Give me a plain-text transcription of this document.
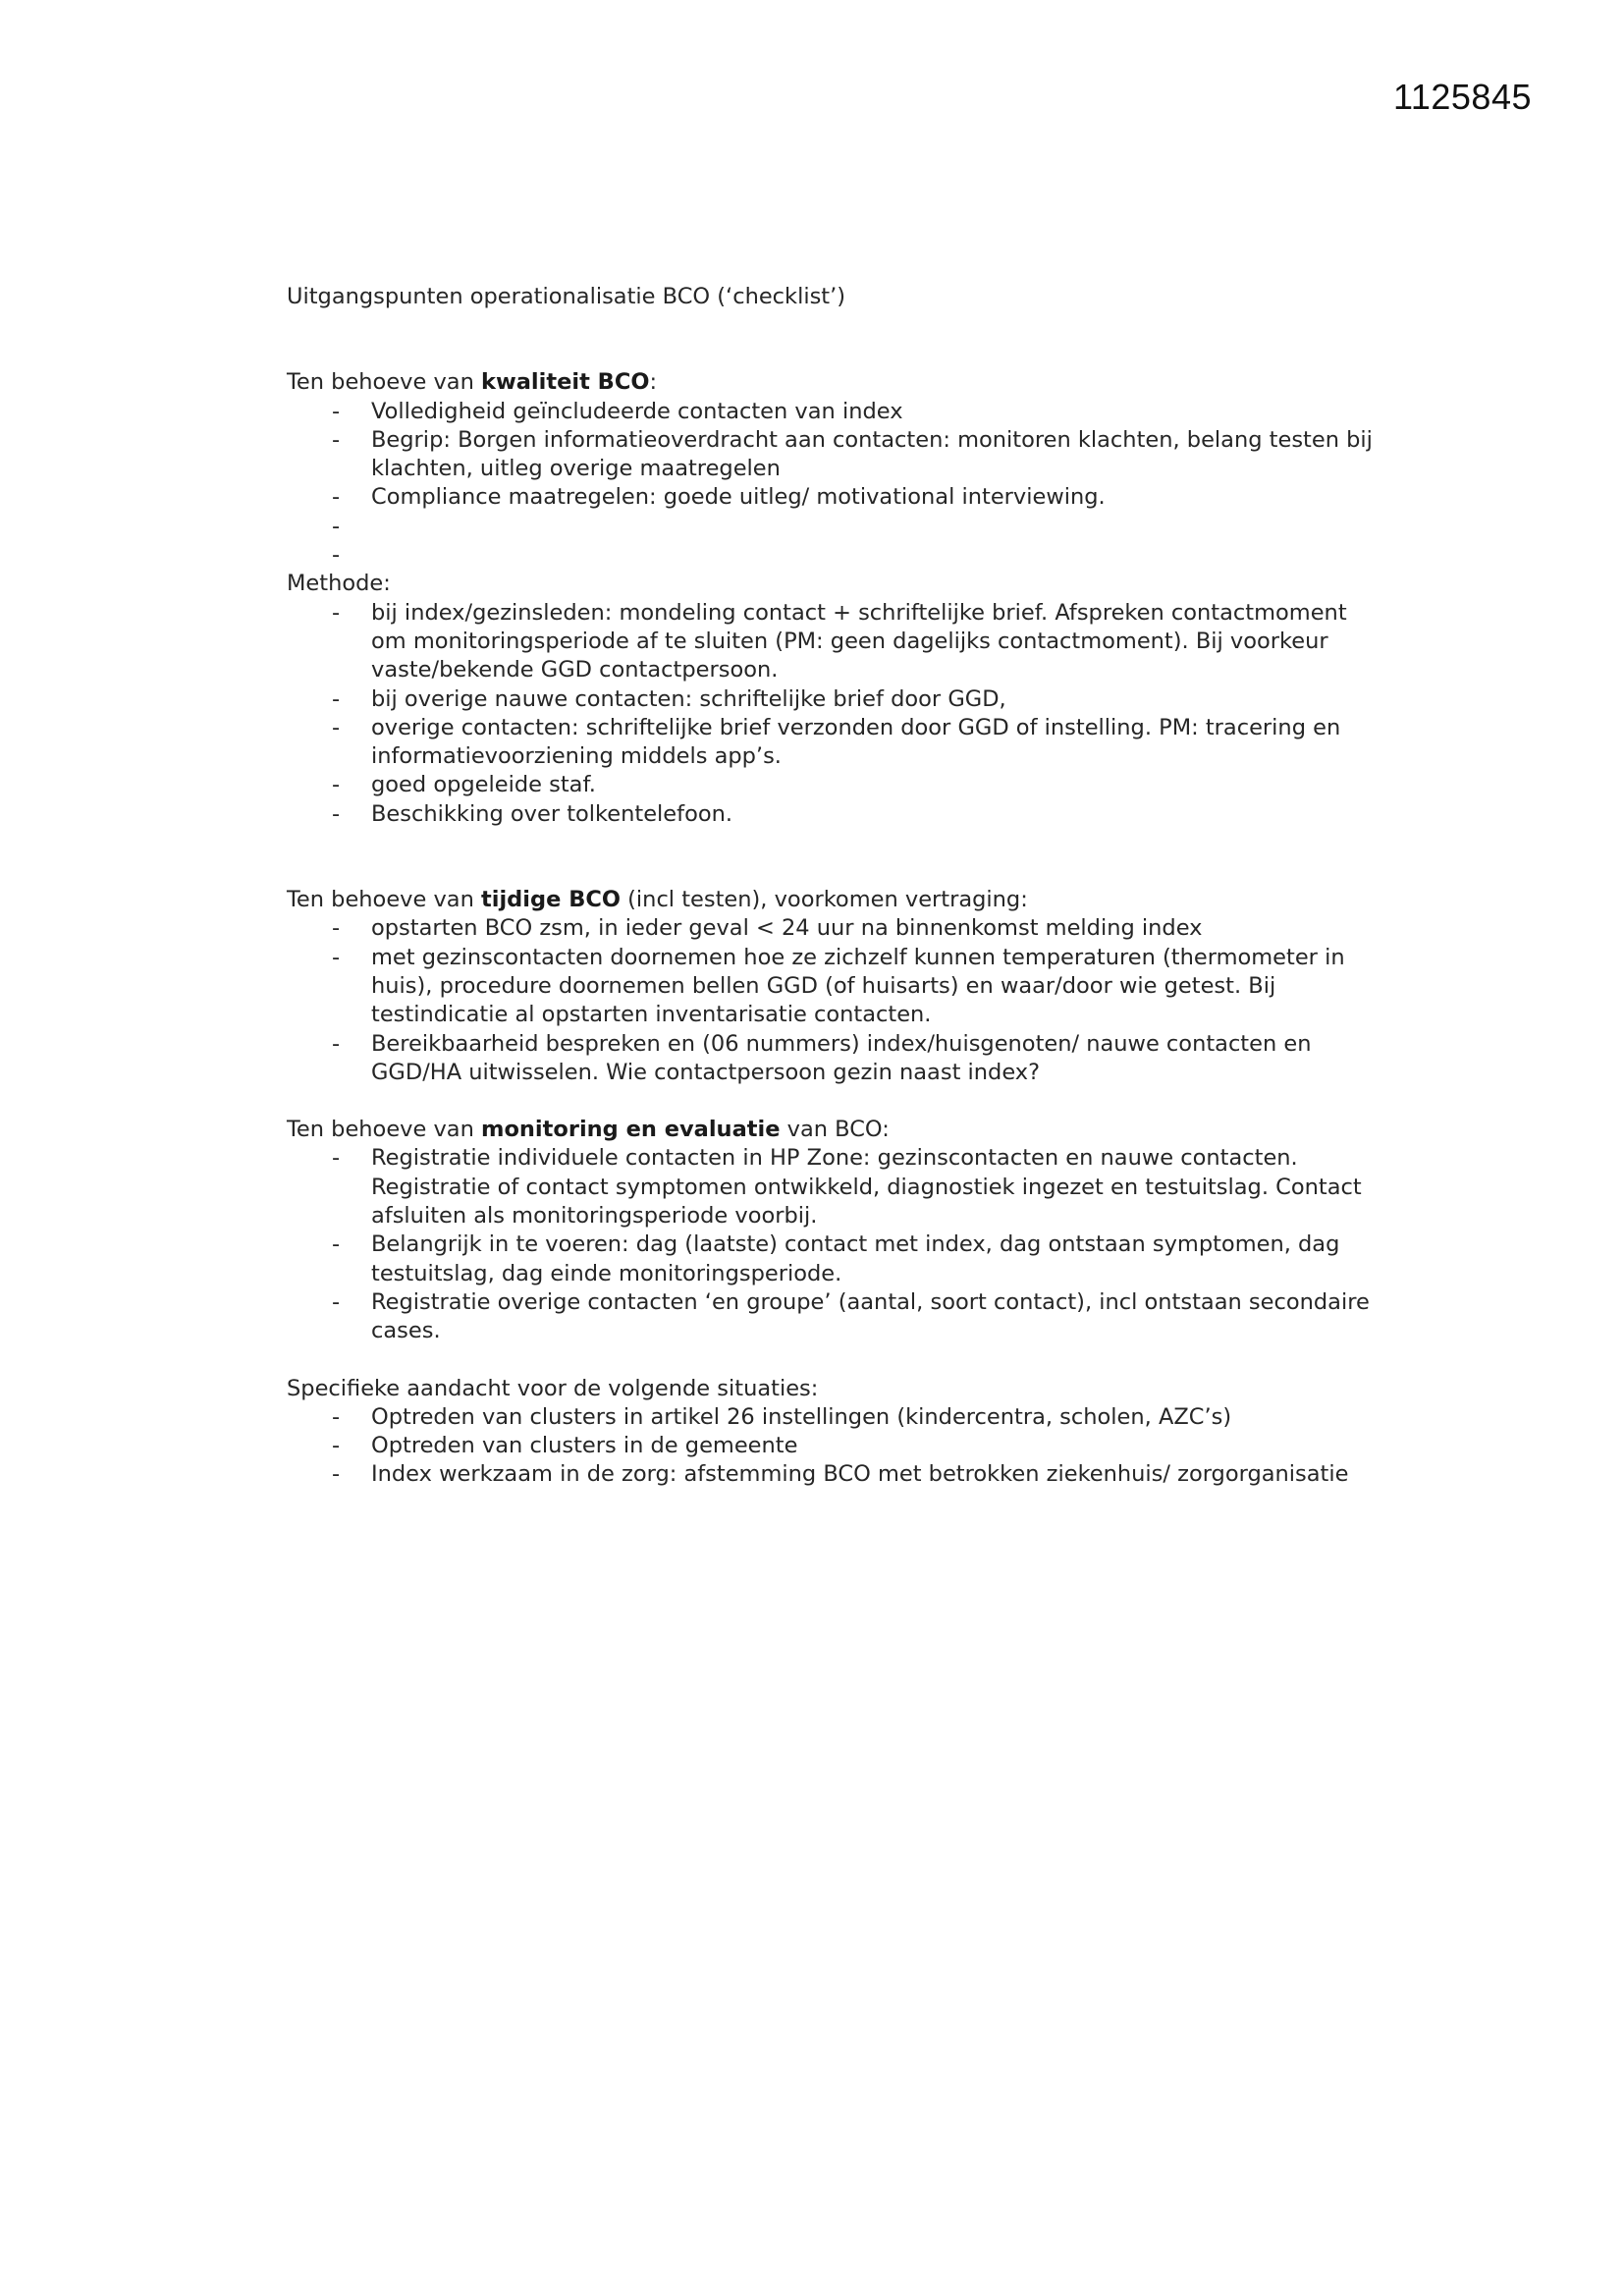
1125845

Uitgangspunten operationalisatie BCO (‘checklist’)

Ten behoeve van kwaliteit BCO:

- Volledigheid geïncludeerde contacten van index
- Begrip: Borgen informatieoverdracht aan contacten: monitoren klachten, belang testen bij klachten, uitleg overige maatregelen
- Compliance maatregelen: goede uitleg/ motivational interviewing.
-
-

Methode:

- bij index/gezinsleden: mondeling contact + schriftelijke brief. Afspreken contactmoment om monitoringsperiode af te sluiten (PM: geen dagelijks contactmoment). Bij voorkeur vaste/bekende GGD contactpersoon.
- bij overige nauwe contacten: schriftelijke brief door GGD,
- overige contacten: schriftelijke brief verzonden door GGD of instelling. PM: tracering en informatievoorziening middels app’s.
- goed opgeleide staf.
- Beschikking over tolkentelefoon.

Ten behoeve van tijdige BCO (incl testen), voorkomen vertraging:

- opstarten BCO zsm, in ieder geval < 24 uur na binnenkomst melding index
- met gezinscontacten doornemen hoe ze zichzelf kunnen temperaturen (thermometer in huis), procedure doornemen bellen GGD (of huisarts) en waar/door wie getest. Bij testindicatie al opstarten inventarisatie contacten.
- Bereikbaarheid bespreken en (06 nummers) index/huisgenoten/ nauwe contacten en GGD/HA uitwisselen. Wie contactpersoon gezin naast index?

Ten behoeve van monitoring en evaluatie van BCO:

- Registratie individuele contacten in HP Zone: gezinscontacten en nauwe contacten. Registratie of contact symptomen ontwikkeld, diagnostiek ingezet en testuitslag. Contact afsluiten als monitoringsperiode voorbij.
- Belangrijk in te voeren: dag (laatste) contact met index, dag ontstaan symptomen, dag testuitslag, dag einde monitoringsperiode.
- Registratie overige contacten ‘en groupe’ (aantal, soort contact), incl ontstaan secondaire cases.

Specifieke aandacht voor de volgende situaties:

- Optreden van clusters in artikel 26 instellingen (kindercentra, scholen, AZC’s)
- Optreden van clusters in de gemeente
- Index werkzaam in de zorg: afstemming BCO met betrokken ziekenhuis/ zorgorganisatie
